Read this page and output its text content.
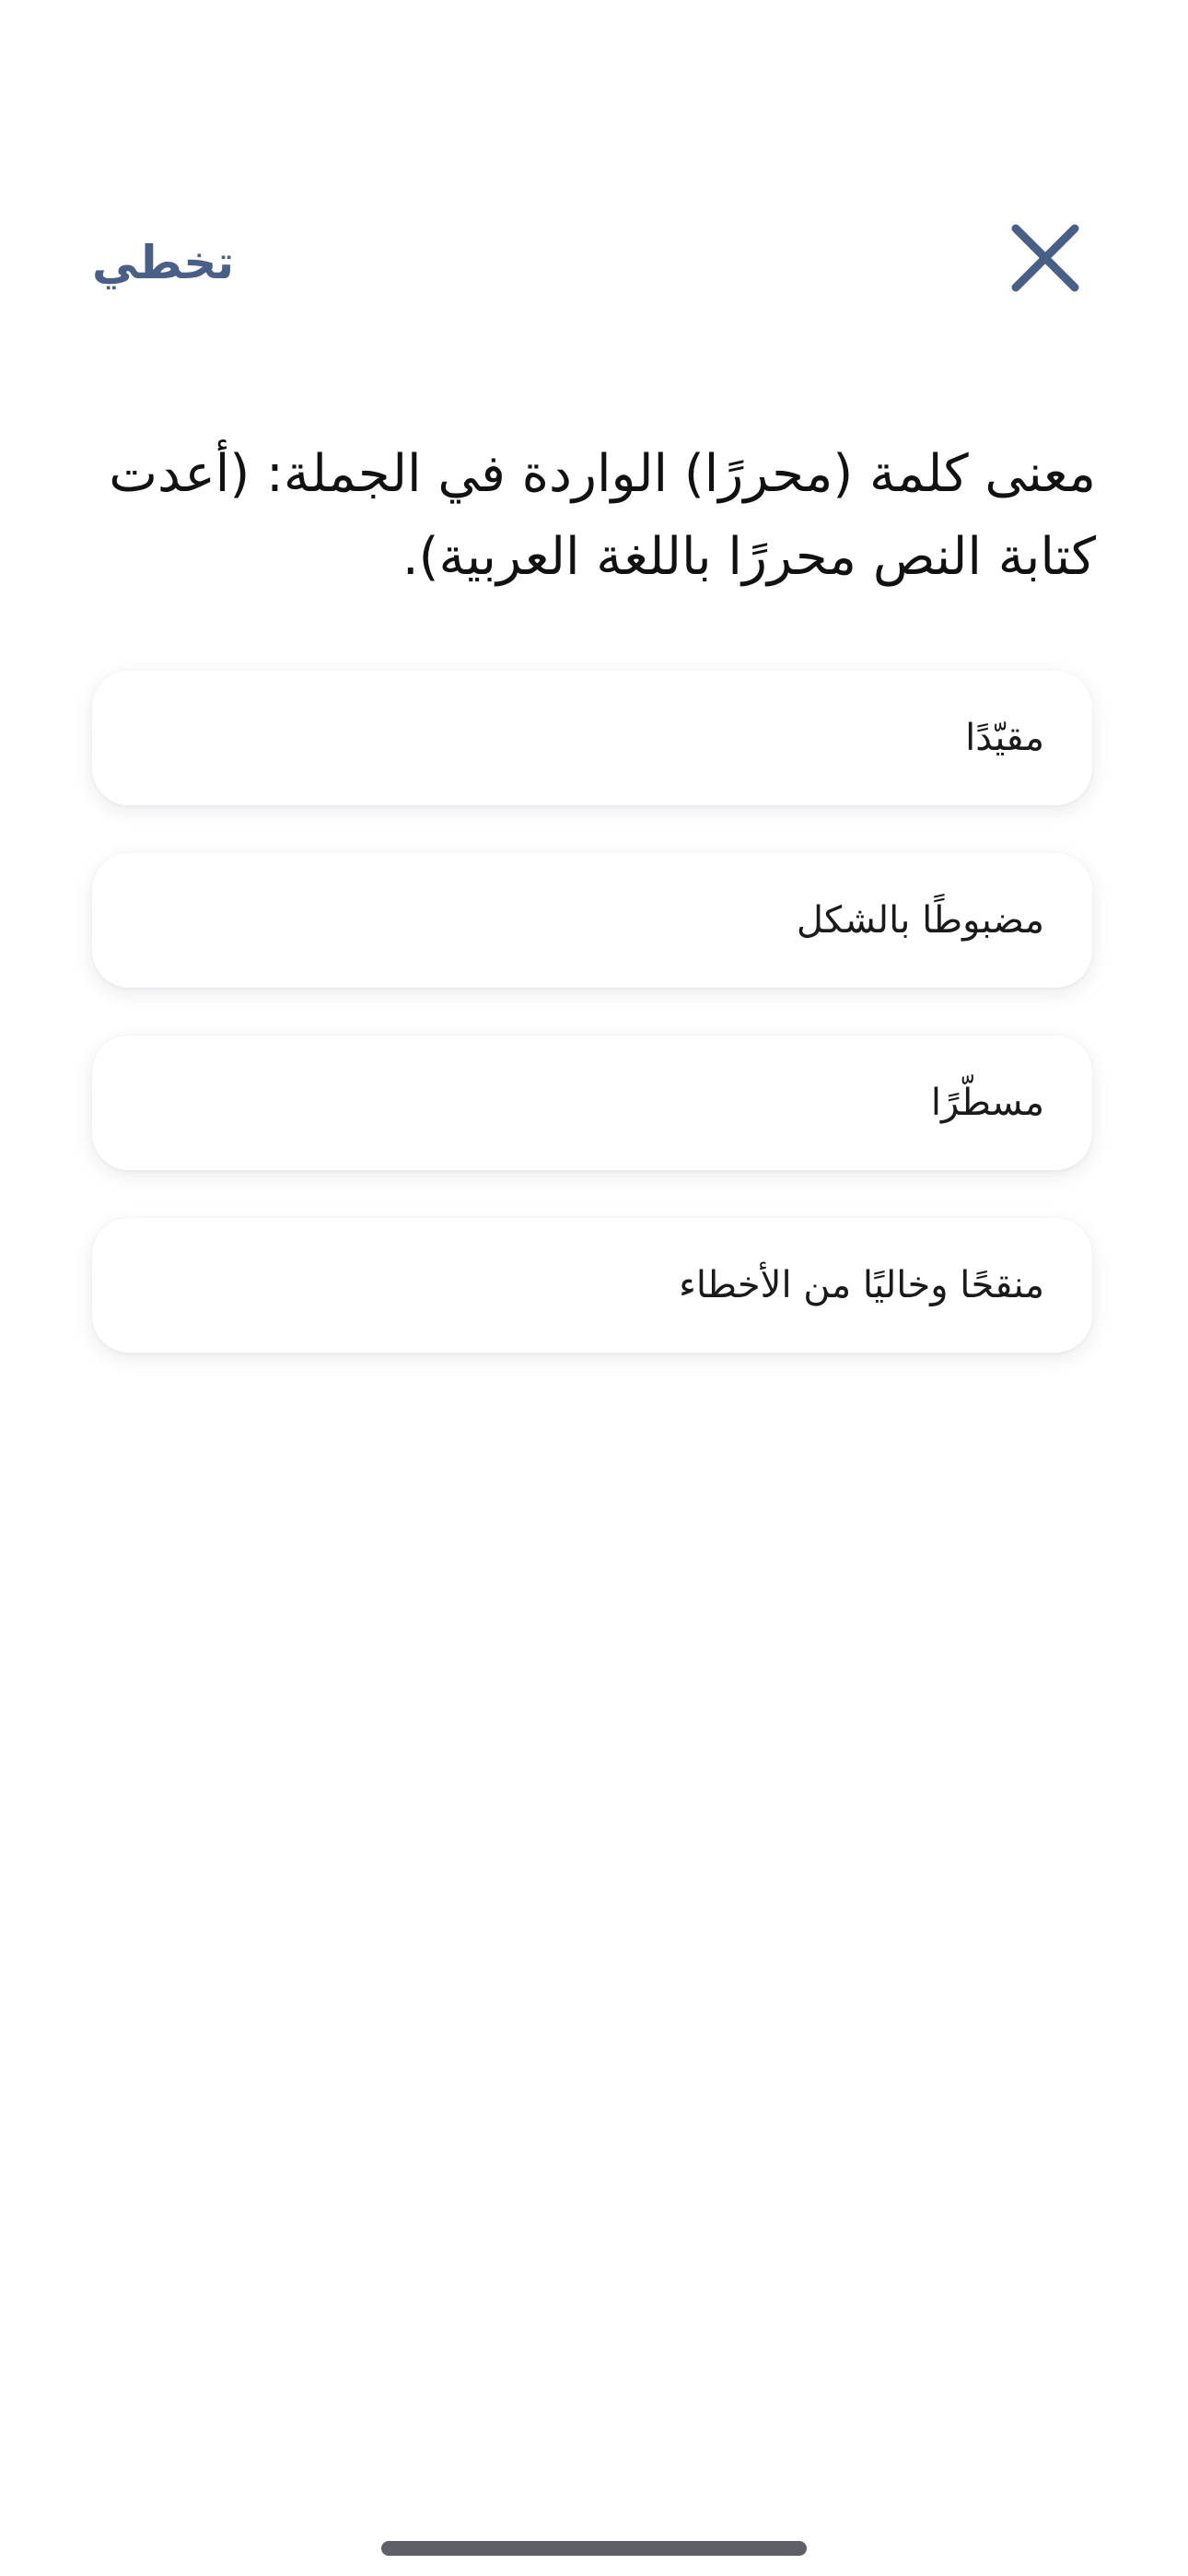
تخطي
معنى كلمة (محررًا) الواردة في الجملة: (أعدت كتابة النص محررًا باللغة العربية).
مقيّدًا
مضبوطًا بالشكل
مسطّرًا
منقحًا وخاليًا من الأخطاء
